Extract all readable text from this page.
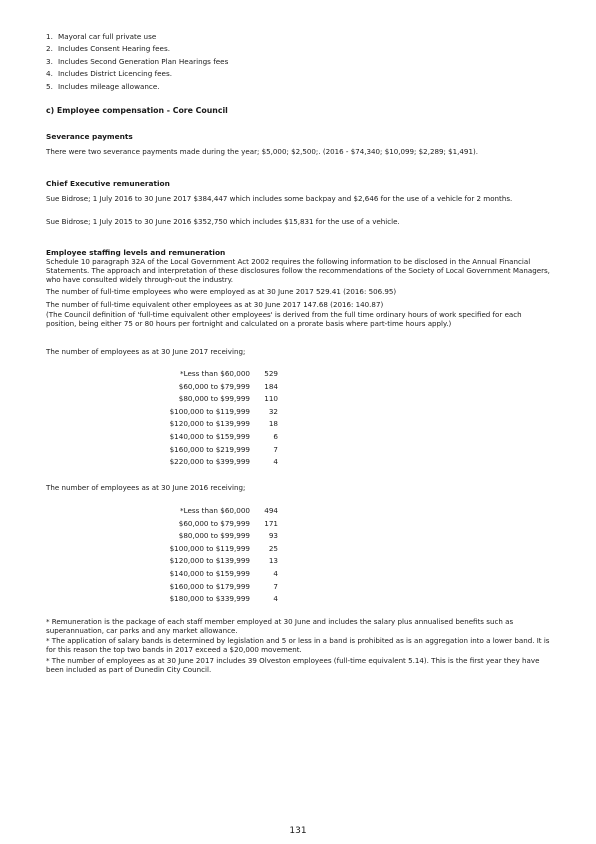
1. Mayoral car full private use
2. Includes Consent Hearing fees.
3. Includes Second Generation Plan Hearings fees
4. Includes District Licencing fees.
5. Includes mileage allowance.
c) Employee compensation - Core Council
Severance payments
There were two severance payments made during the year; $5,000; $2,500;. (2016 - $74,340; $10,099; $2,289; $1,491).
Chief Executive remuneration
Sue Bidrose; 1 July 2016 to 30 June 2017 $384,447 which includes some backpay and $2,646 for the use of a vehicle for 2 months.
Sue Bidrose; 1 July 2015 to 30 June 2016 $352,750 which includes $15,831 for the use of a vehicle.
Employee staffing levels and remuneration
Schedule 10 paragraph 32A of the Local Government Act 2002 requires the following information to be disclosed in the Annual Financial Statements. The approach and interpretation of these disclosures follow the recommendations of the Society of Local Government Managers, who have consulted widely through-out the industry.
The number of full-time employees who were employed as at 30 June 2017 529.41 (2016: 506.95)
The number of full-time equivalent other employees as at 30 June 2017 147.68 (2016: 140.87)
(The Council definition of 'full-time equivalent other employees' is derived from the full time ordinary hours of work specified for each position, being either 75 or 80 hours per fortnight and calculated on a prorate basis where part-time hours apply.)
The number of employees as at 30 June 2017 receiving;
*Less than $60,000	529
$60,000 to $79,999	184
$80,000 to $99,999	110
$100,000 to $119,999	32
$120,000 to $139,999	18
$140,000 to $159,999	6
$160,000 to $219,999	7
$220,000 to $399,999	4
The number of employees as at 30 June 2016 receiving;
*Less than $60,000	494
$60,000 to $79,999	171
$80,000 to $99,999	93
$100,000 to $119,999	25
$120,000 to $139,999	13
$140,000 to $159,999	4
$160,000 to $179,999	7
$180,000 to $339,999	4
* Remuneration is the package of each staff member employed at 30 June and includes the salary plus annualised benefits such as superannuation, car parks and any market allowance.
* The application of salary bands is determined by legislation and 5 or less in a band is prohibited as is an aggregation into a lower band. It is for this reason the top two bands in 2017 exceed a $20,000 movement.
* The number of employees as at 30 June 2017 includes 39 Olveston employees (full-time equivalent 5.14). This is the first year they have been included as part of Dunedin City Council.
131
